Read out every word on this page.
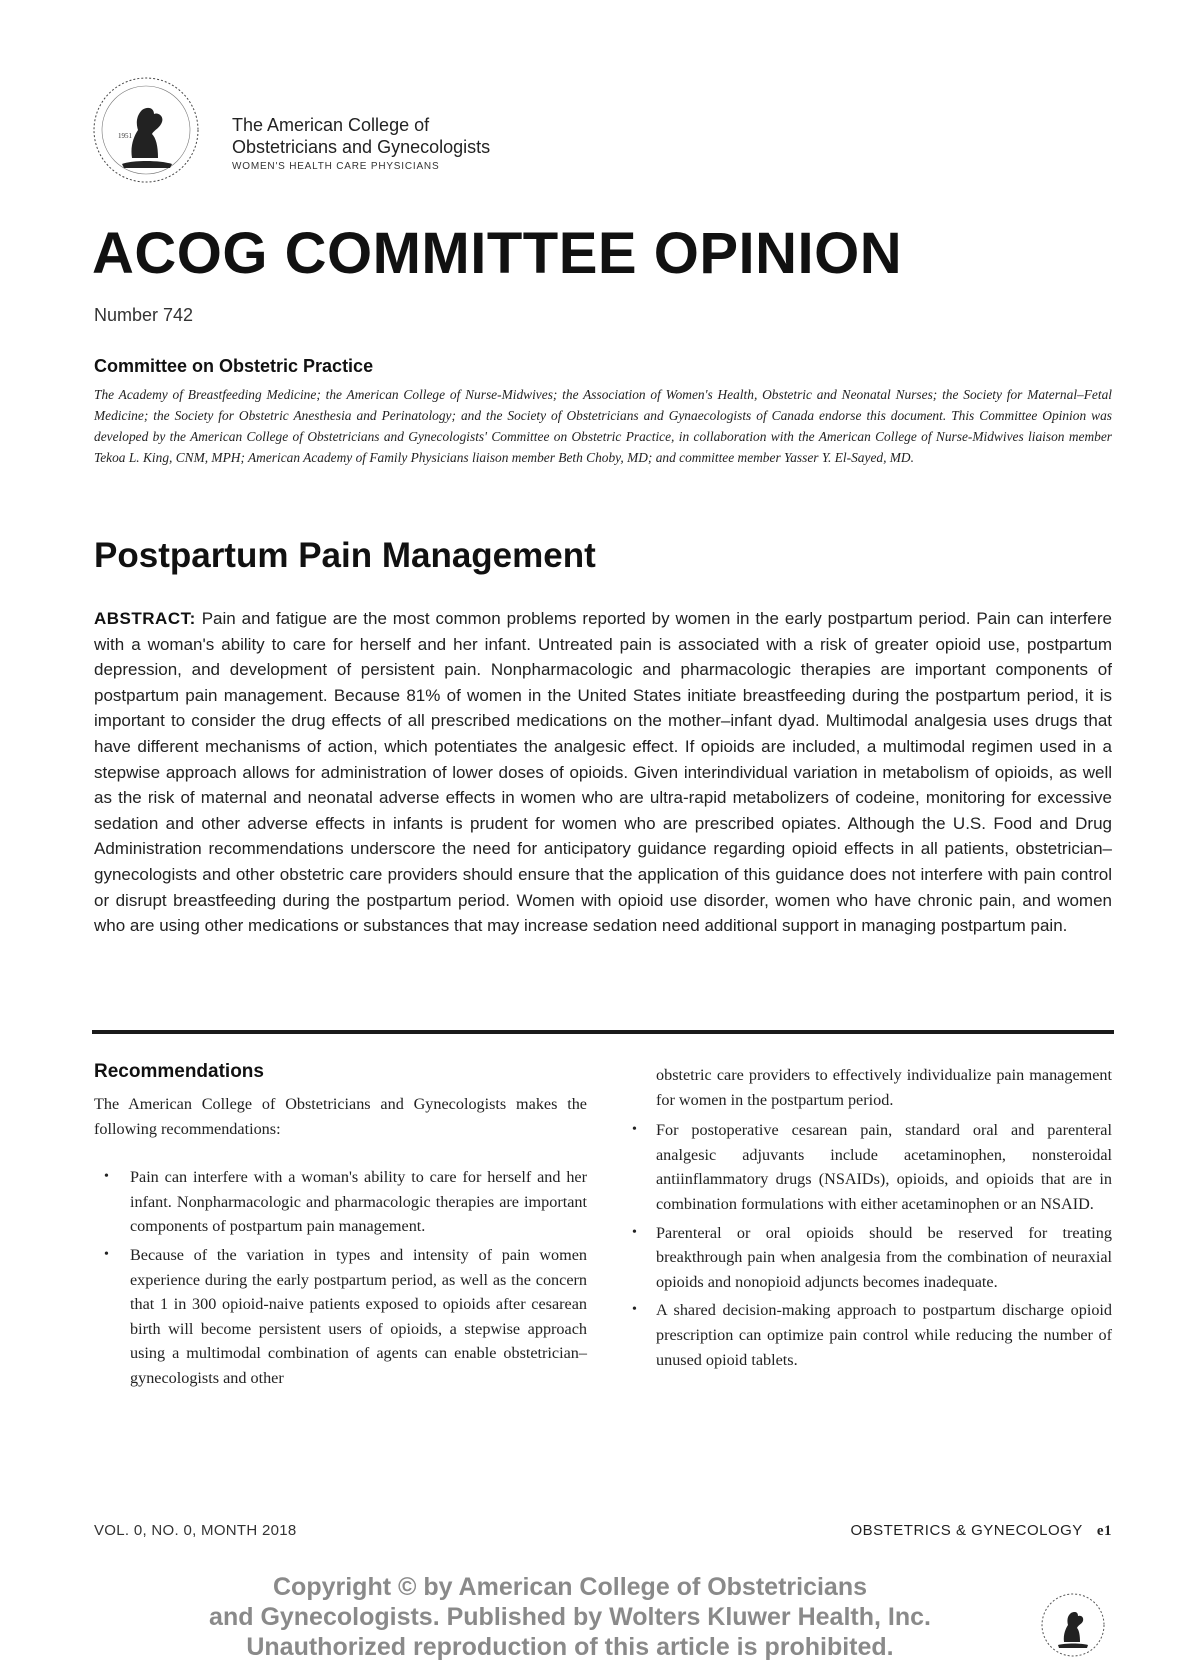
1951
The American College of
Obstetricians and Gynecologists
WOMEN'S HEALTH CARE PHYSICIANS
ACOG COMMITTEE OPINION
Number 742
Committee on Obstetric Practice
The Academy of Breastfeeding Medicine; the American College of Nurse-Midwives; the Association of Women's Health, Obstetric and Neonatal Nurses; the Society for Maternal–Fetal Medicine; the Society for Obstetric Anesthesia and Perinatology; and the Society of Obstetricians and Gynaecologists of Canada endorse this document. This Committee Opinion was developed by the American College of Obstetricians and Gynecologists' Committee on Obstetric Practice, in collaboration with the American College of Nurse-Midwives liaison member Tekoa L. King, CNM, MPH; American Academy of Family Physicians liaison member Beth Choby, MD; and committee member Yasser Y. El-Sayed, MD.
Postpartum Pain Management
ABSTRACT: Pain and fatigue are the most common problems reported by women in the early postpartum period. Pain can interfere with a woman's ability to care for herself and her infant. Untreated pain is associated with a risk of greater opioid use, postpartum depression, and development of persistent pain. Nonpharmacologic and pharmacologic therapies are important components of postpartum pain management. Because 81% of women in the United States initiate breastfeeding during the postpartum period, it is important to consider the drug effects of all prescribed medications on the mother–infant dyad. Multimodal analgesia uses drugs that have different mechanisms of action, which potentiates the analgesic effect. If opioids are included, a multimodal regimen used in a stepwise approach allows for administration of lower doses of opioids. Given interindividual variation in metabolism of opioids, as well as the risk of maternal and neonatal adverse effects in women who are ultra-rapid metabolizers of codeine, monitoring for excessive sedation and other adverse effects in infants is prudent for women who are prescribed opiates. Although the U.S. Food and Drug Administration recommendations underscore the need for anticipatory guidance regarding opioid effects in all patients, obstetrician–gynecologists and other obstetric care providers should ensure that the application of this guidance does not interfere with pain control or disrupt breastfeeding during the postpartum period. Women with opioid use disorder, women who have chronic pain, and women who are using other medications or substances that may increase sedation need additional support in managing postpartum pain.
Recommendations
The American College of Obstetricians and Gynecologists makes the following recommendations:
• Pain can interfere with a woman's ability to care for herself and her infant. Nonpharmacologic and pharmacologic therapies are important components of postpartum pain management.
• Because of the variation in types and intensity of pain women experience during the early postpartum period, as well as the concern that 1 in 300 opioid-naive patients exposed to opioids after cesarean birth will become persistent users of opioids, a stepwise approach using a multimodal combination of agents can enable obstetrician–gynecologists and other
obstetric care providers to effectively individualize pain management for women in the postpartum period.
• For postoperative cesarean pain, standard oral and parenteral analgesic adjuvants include acetaminophen, nonsteroidal antiinflammatory drugs (NSAIDs), opioids, and opioids that are in combination formulations with either acetaminophen or an NSAID.
• Parenteral or oral opioids should be reserved for treating breakthrough pain when analgesia from the combination of neuraxial opioids and nonopioid adjuncts becomes inadequate.
• A shared decision-making approach to postpartum discharge opioid prescription can optimize pain control while reducing the number of unused opioid tablets.
VOL. 0, NO. 0, MONTH 2018	OBSTETRICS & GYNECOLOGY e1
Copyright © by American College of Obstetricians
and Gynecologists. Published by Wolters Kluwer Health, Inc.
Unauthorized reproduction of this article is prohibited.
